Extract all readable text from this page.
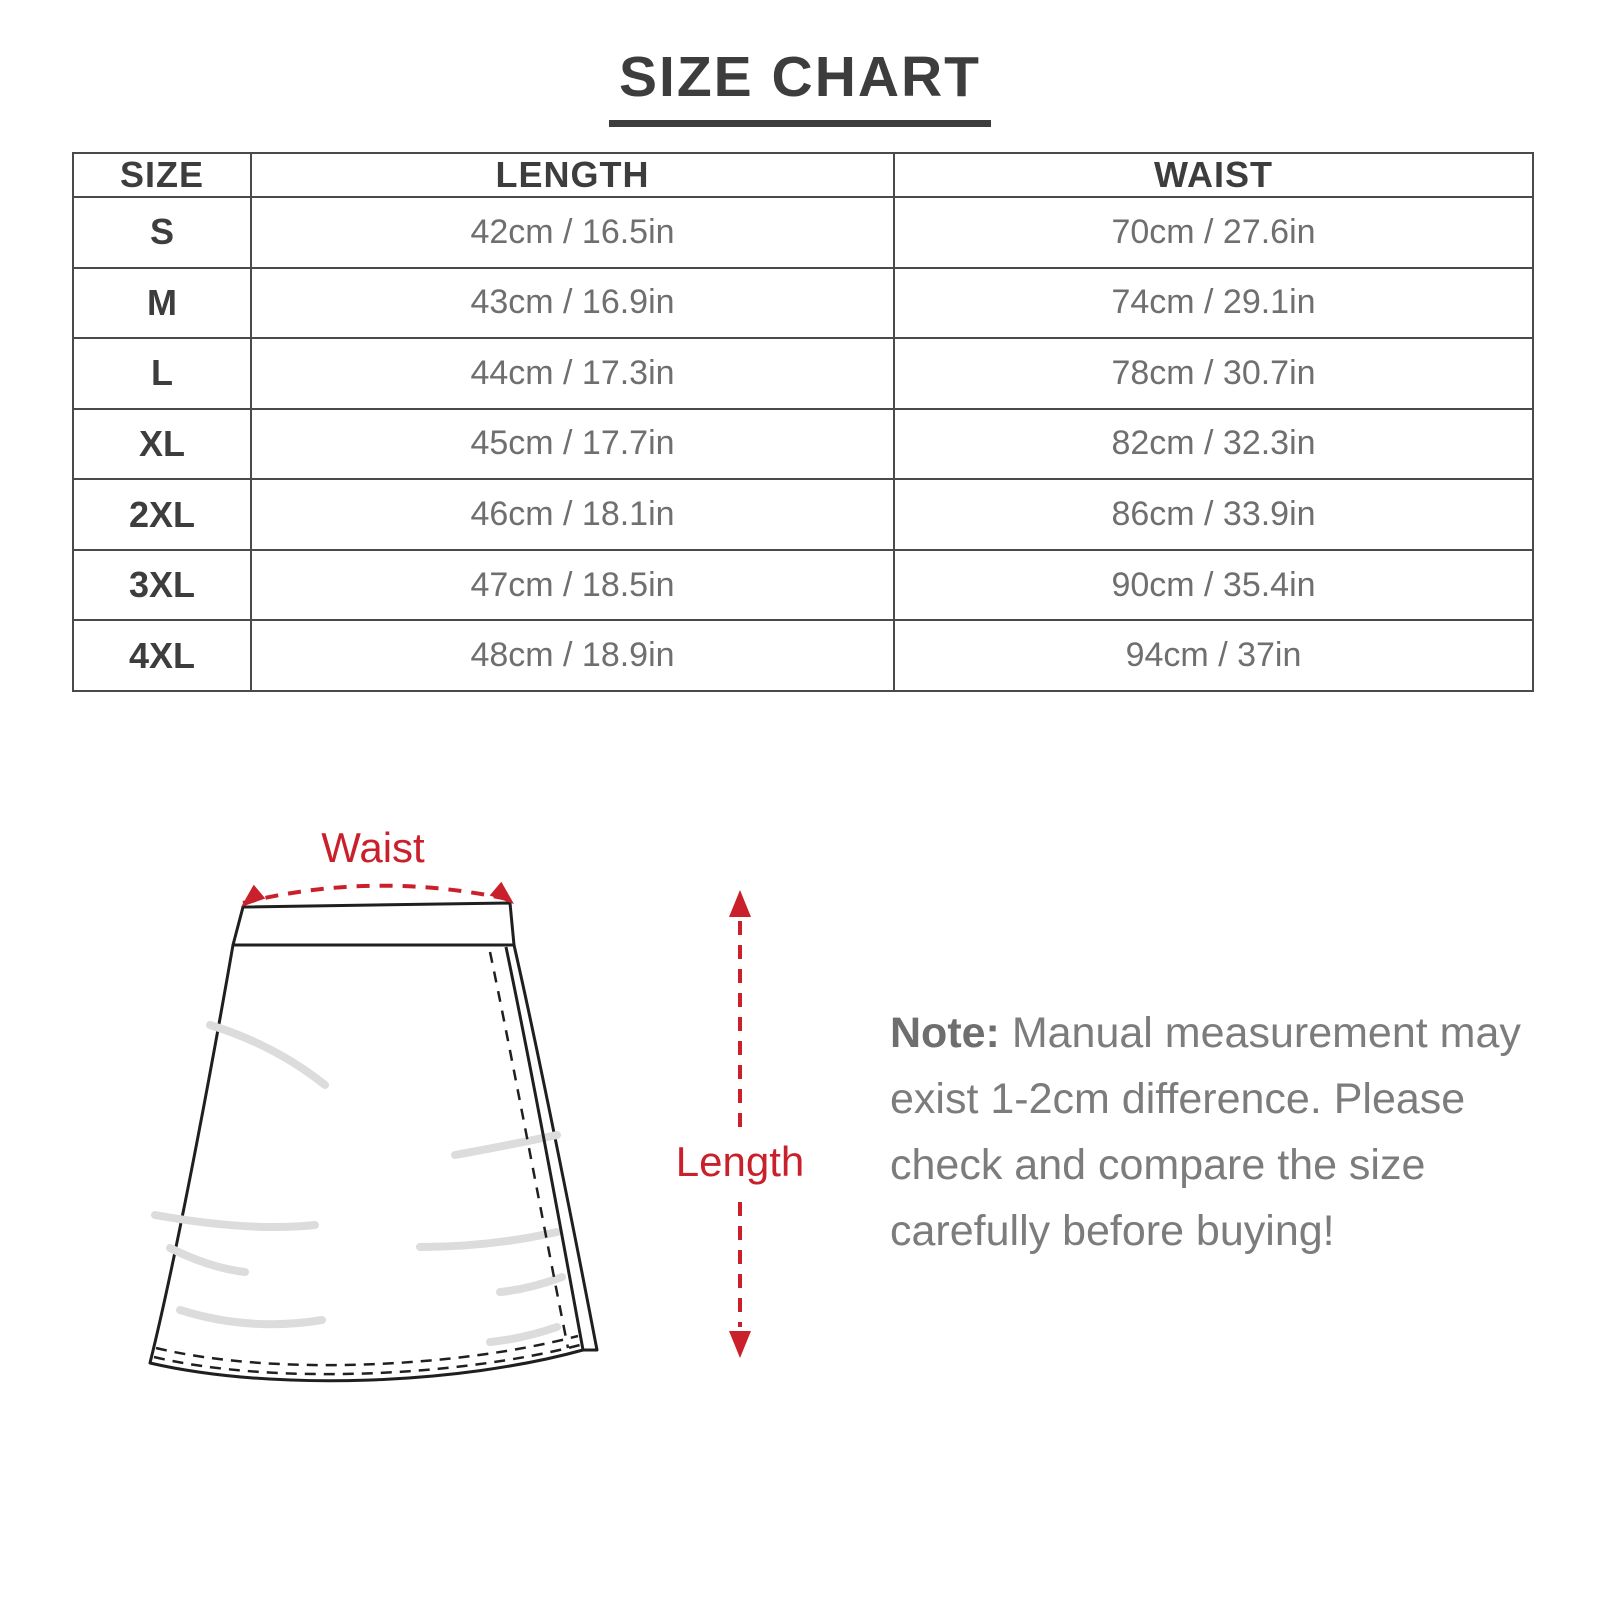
SIZE CHART
SIZE	LENGTH	WAIST
S	42cm / 16.5in	70cm / 27.6in
M	43cm / 16.9in	74cm / 29.1in
L	44cm / 17.3in	78cm / 30.7in
XL	45cm / 17.7in	82cm / 32.3in
2XL	46cm / 18.1in	86cm / 33.9in
3XL	47cm / 18.5in	90cm / 35.4in
4XL	48cm / 18.9in	94cm / 37in
Waist
Length
Note: Manual measurement may
exist 1-2cm difference. Please
check and compare the size
carefully before buying!
